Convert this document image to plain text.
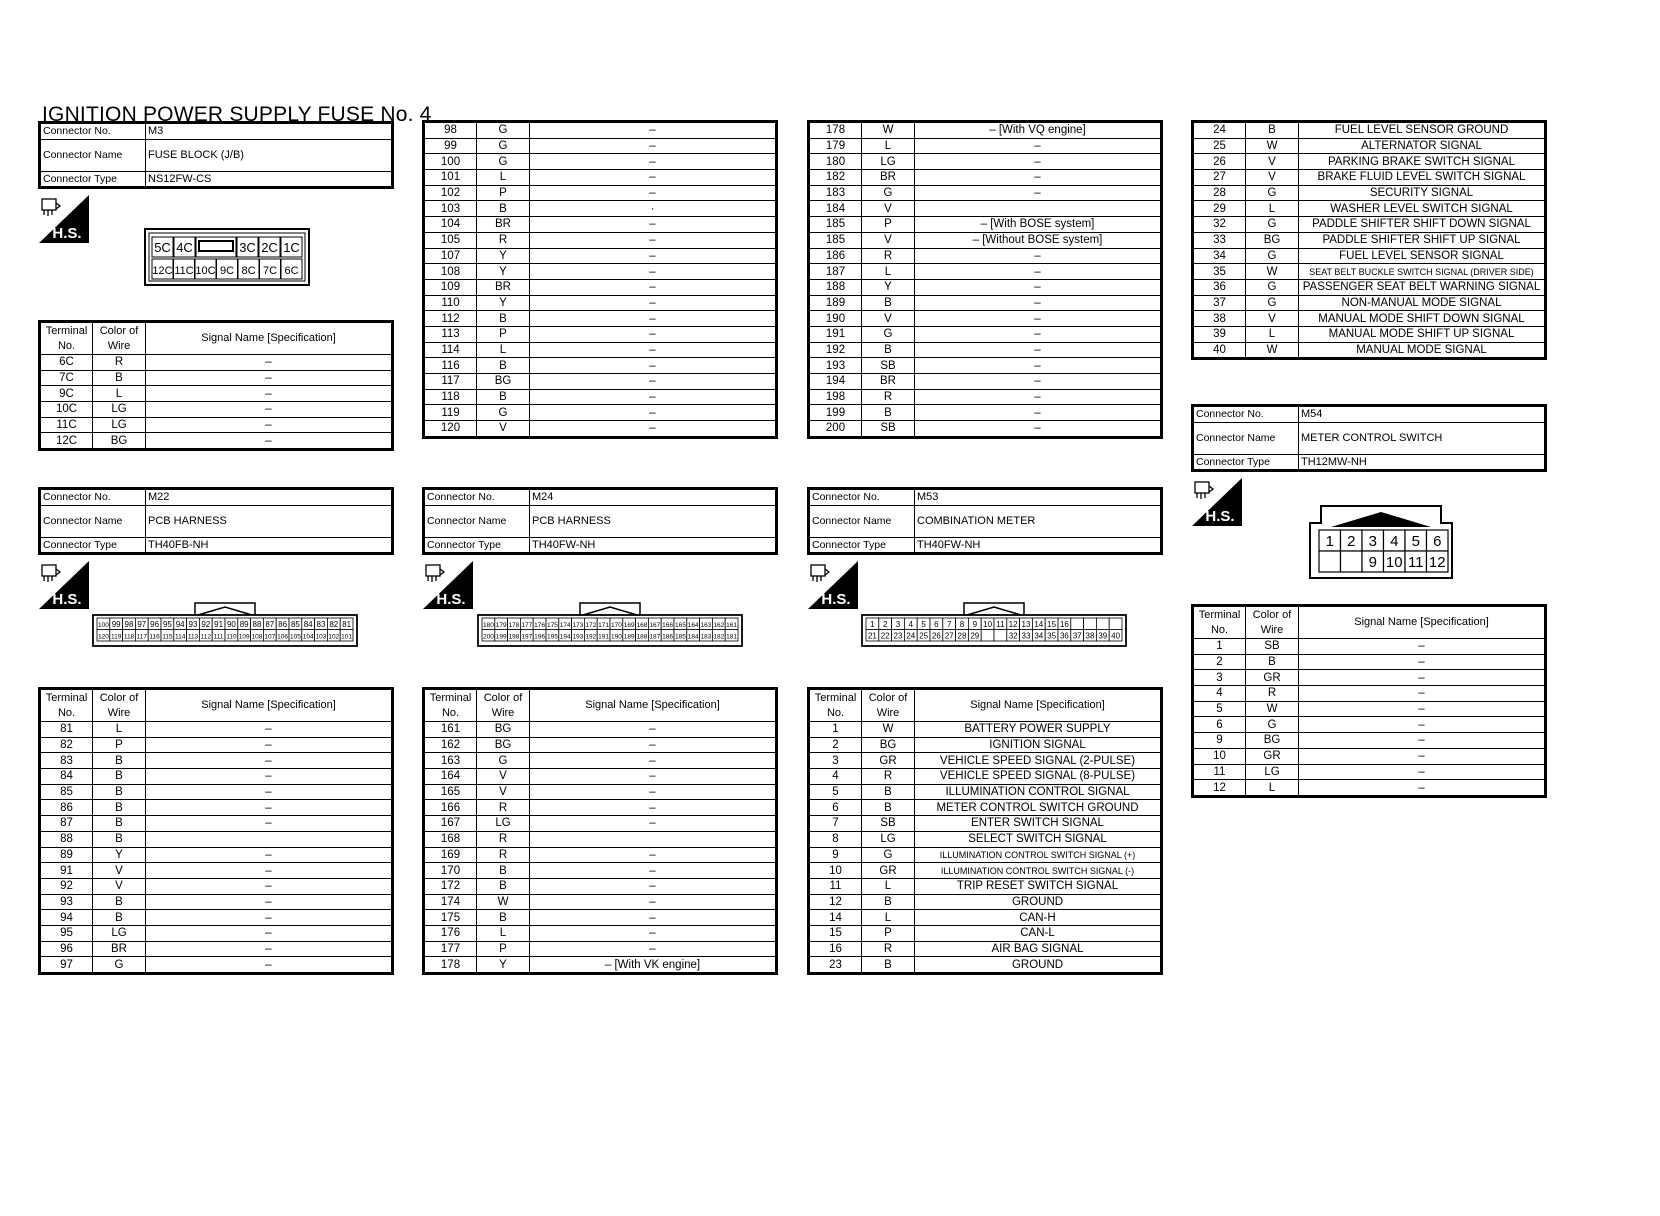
IGNITION POWER SUPPLY FUSE No. 4
Connector No.	M3
Connector Name	FUSE BLOCK (J/B)
Connector Type	NS12FW-CS
Connector No.	M22
Connector Name	PCB HARNESS
Connector Type	TH40FB-NH
Connector No.	M24
Connector Name	PCB HARNESS
Connector Type	TH40FW-NH
Connector No.	M53
Connector Name	COMBINATION METER
Connector Type	TH40FW-NH
Connector No.	M54
Connector Name	METER CONTROL SWITCH
Connector Type	TH12MW-NH
H.S.
H.S.	H.S.	H.S.
H.S.
5C 4C	3C 2C 1C
12C 11C 10C 9C 8C 7C 6C
100 99 98 97 96 95 94 93 92 91 90 89 88 87 86 85 84 83 82 81
120 119 118 117 116 115 114 113 112 111 110 109 108 107 106 105 104 103 102 101
180 179 178 177 176 175 174 173 172 171 170 169 168 167 166 165 164 163 162 161
200 199 198 197 196 195 194 193 192 191 190 189 188 187 186 185 184 183 182 181
1 2 3 4 5 6 7 8 9 10 11 12 13 14 15 16
21 22 23 24 25 26 27 28 29	32 33 34 35 36 37 38 39 40
1 2 3 4 5 6
9 10 11 12
Terminal No.	Color of Wire	Signal Name [Specification]
6C	R	–
7C	B	–
9C	L	–
10C	LG	–
11C	LG	–
12C	BG	–
98	G	–
99	G	–
100	G	–
101	L	–
102	P	–
103	B	·
104	BR	–
105	R	–
107	Y	–
108	Y	–
109	BR	–
110	Y	–
112	B	–
113	P	–
114	L	–
116	B	–
117	BG	–
118	B	–
119	G	–
120	V	–
178	W	– [With VQ engine]
179	L	–
180	LG	–
182	BR	–
183	G	–
184	V	
185	P	– [With BOSE system]
185	V	– [Without BOSE system]
186	R	–
187	L	–
188	Y	–
189	B	–
190	V	–
191	G	–
192	B	–
193	SB	–
194	BR	–
198	R	–
199	B	–
200	SB	–
24	B	FUEL LEVEL SENSOR GROUND
25	W	ALTERNATOR SIGNAL
26	V	PARKING BRAKE SWITCH SIGNAL
27	V	BRAKE FLUID LEVEL SWITCH SIGNAL
28	G	SECURITY SIGNAL
29	L	WASHER LEVEL SWITCH SIGNAL
32	G	PADDLE SHIFTER SHIFT DOWN SIGNAL
33	BG	PADDLE SHIFTER SHIFT UP SIGNAL
34	G	FUEL LEVEL SENSOR SIGNAL
35	W	SEAT BELT BUCKLE SWITCH SIGNAL (DRIVER SIDE)
36	G	PASSENGER SEAT BELT WARNING SIGNAL
37	G	NON-MANUAL MODE SIGNAL
38	V	MANUAL MODE SHIFT DOWN SIGNAL
39	L	MANUAL MODE SHIFT UP SIGNAL
40	W	MANUAL MODE SIGNAL
Terminal No.	Color of Wire	Signal Name [Specification]
81	L	–
82	P	–
83	B	–
84	B	–
85	B	–
86	B	–
87	B	–
88	B	
89	Y	–
91	V	–
92	V	–
93	B	–
94	B	–
95	LG	–
96	BR	–
97	G	–
Terminal No.	Color of Wire	Signal Name [Specification]
161	BG	–
162	BG	–
163	G	–
164	V	–
165	V	–
166	R	–
167	LG	–
168	R	
169	R	–
170	B	–
172	B	–
174	W	–
175	B	–
176	L	–
177	P	–
178	Y	– [With VK engine]
Terminal No.	Color of Wire	Signal Name [Specification]
1	W	BATTERY POWER SUPPLY
2	BG	IGNITION SIGNAL
3	GR	VEHICLE SPEED SIGNAL (2-PULSE)
4	R	VEHICLE SPEED SIGNAL (8-PULSE)
5	B	ILLUMINATION CONTROL SIGNAL
6	B	METER CONTROL SWITCH GROUND
7	SB	ENTER SWITCH SIGNAL
8	LG	SELECT SWITCH SIGNAL
9	G	ILLUMINATION CONTROL SWITCH SIGNAL (+)
10	GR	ILLUMINATION CONTROL SWITCH SIGNAL (-)
11	L	TRIP RESET SWITCH SIGNAL
12	B	GROUND
14	L	CAN-H
15	P	CAN-L
16	R	AIR BAG SIGNAL
23	B	GROUND
Terminal No.	Color of Wire	Signal Name [Specification]
1	SB	–
2	B	–
3	GR	–
4	R	–
5	W	–
6	G	–
9	BG	–
10	GR	–
11	LG	–
12	L	–
